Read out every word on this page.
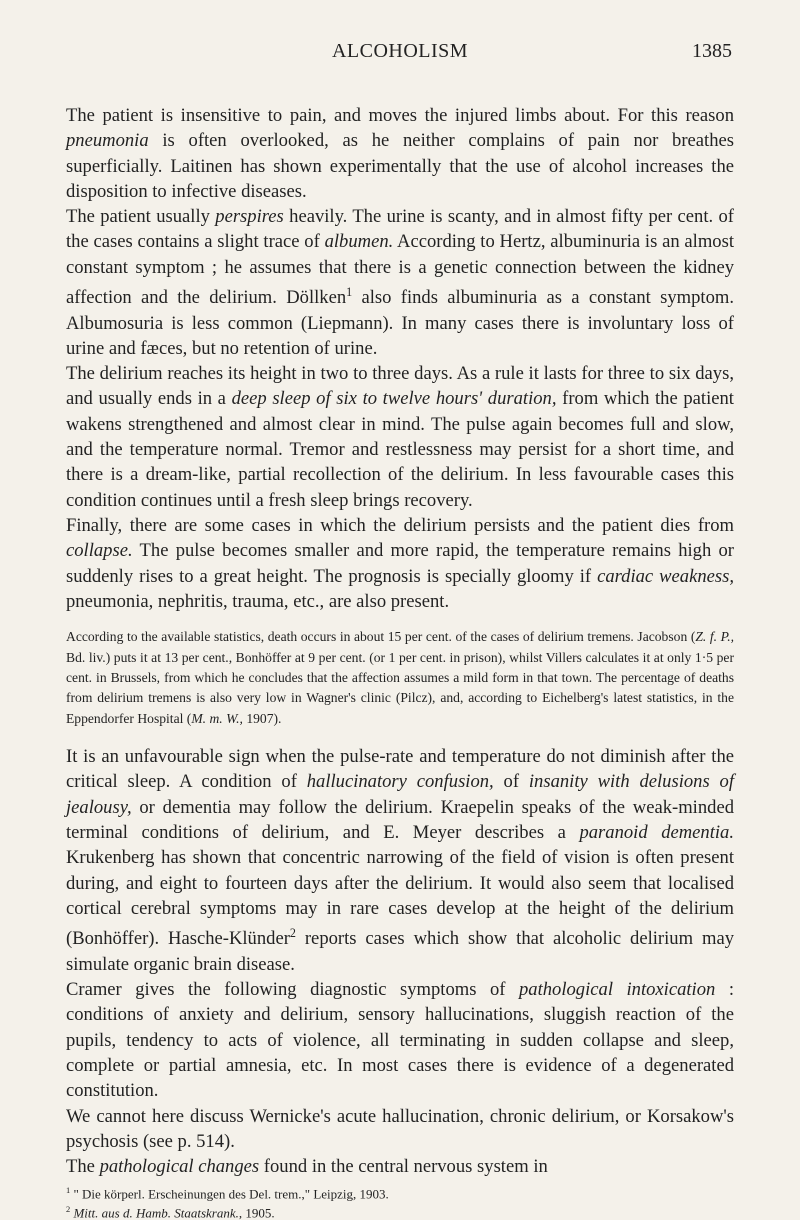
ALCOHOLISM	1385

The patient is insensitive to pain, and moves the injured limbs about. For this reason pneumonia is often overlooked, as he neither complains of pain nor breathes superficially. Laitinen has shown experimentally that the use of alcohol increases the disposition to infective diseases.

The patient usually perspires heavily. The urine is scanty, and in almost fifty per cent. of the cases contains a slight trace of albumen. According to Hertz, albuminuria is an almost constant symptom ; he assumes that there is a genetic connection between the kidney affection and the delirium. Döllken$^1$ also finds albuminuria as a constant symptom. Albumosuria is less common (Liepmann). In many cases there is involuntary loss of urine and fæces, but no retention of urine.

The delirium reaches its height in two to three days. As a rule it lasts for three to six days, and usually ends in a deep sleep of six to twelve hours' duration, from which the patient wakens strengthened and almost clear in mind. The pulse again becomes full and slow, and the temperature normal. Tremor and restlessness may persist for a short time, and there is a dream-like, partial recollection of the delirium. In less favourable cases this condition continues until a fresh sleep brings recovery.

Finally, there are some cases in which the delirium persists and the patient dies from collapse. The pulse becomes smaller and more rapid, the temperature remains high or suddenly rises to a great height. The prognosis is specially gloomy if cardiac weakness, pneumonia, nephritis, trauma, etc., are also present.

According to the available statistics, death occurs in about 15 per cent. of the cases of delirium tremens. Jacobson (Z. f. P., Bd. liv.) puts it at 13 per cent., Bonhöffer at 9 per cent. (or 1 per cent. in prison), whilst Villers calculates it at only 1·5 per cent. in Brussels, from which he concludes that the affection assumes a mild form in that town. The percentage of deaths from delirium tremens is also very low in Wagner's clinic (Pilcz), and, according to Eichelberg's latest statistics, in the Eppendorfer Hospital (M. m. W., 1907).

It is an unfavourable sign when the pulse-rate and temperature do not diminish after the critical sleep. A condition of hallucinatory confusion, of insanity with delusions of jealousy, or dementia may follow the delirium. Kraepelin speaks of the weak-minded terminal conditions of delirium, and E. Meyer describes a paranoid dementia. Krukenberg has shown that concentric narrowing of the field of vision is often present during, and eight to fourteen days after the delirium. It would also seem that localised cortical cerebral symptoms may in rare cases develop at the height of the delirium (Bonhöffer). Hasche-Klünder$^2$ reports cases which show that alcoholic delirium may simulate organic brain disease.

Cramer gives the following diagnostic symptoms of pathological intoxication : conditions of anxiety and delirium, sensory hallucinations, sluggish reaction of the pupils, tendency to acts of violence, all terminating in sudden collapse and sleep, complete or partial amnesia, etc. In most cases there is evidence of a degenerated constitution.

We cannot here discuss Wernicke's acute hallucination, chronic delirium, or Korsakow's psychosis (see p. 514).

The pathological changes found in the central nervous system in

$^1$ " Die körperl. Erscheinungen des Del. trem.," Leipzig, 1903.

$^2$ Mitt. aus d. Hamb. Staatskrank., 1905.
